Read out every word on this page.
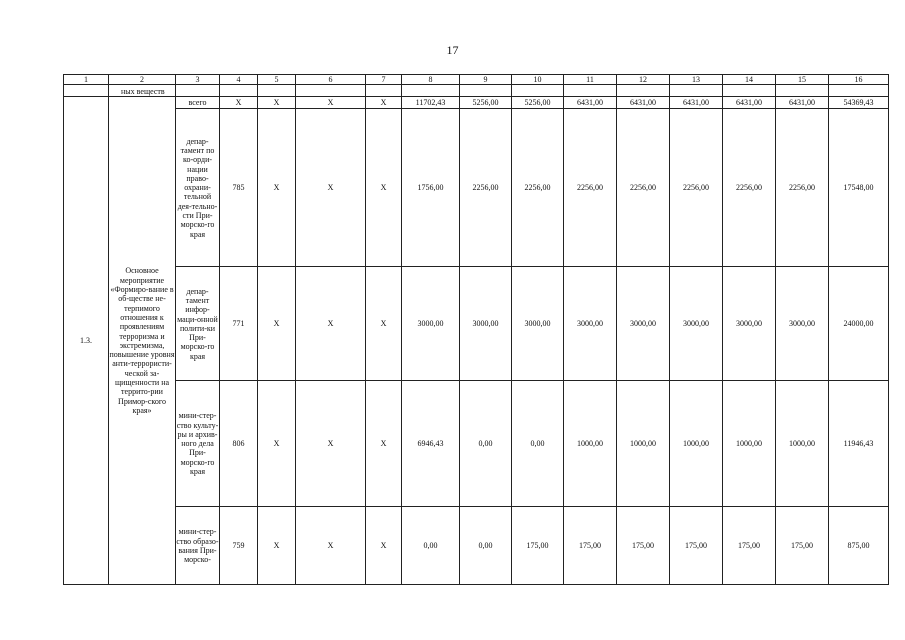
17
1	2	3	4	5	6	7	8	9	10	11	12	13	14	15	16
	ных веществ														
1.3.	Основное мероприятие «Формиро-вание в об-ществе не-терпимого отношения к проявлениям терроризма и экстремизма, повышение уровня анти-террористи-ческой за-щищенности на террито-рии Примор-ского края»	всего	X	X	X	X	11702,43	5256,00	5256,00	6431,00	6431,00	6431,00	6431,00	6431,00	54369,43
		депар-тамент по ко-орди-нации право-охрани-тельной дея-тельно-сти При-морско-го края	785	X	X	X	1756,00	2256,00	2256,00	2256,00	2256,00	2256,00	2256,00	2256,00	17548,00
		депар-тамент инфор-маци-онной полити-ки При-морско-го края	771	X	X	X	3000,00	3000,00	3000,00	3000,00	3000,00	3000,00	3000,00	3000,00	24000,00
		мини-стер-ство культу-ры и архив-ного дела При-морско-го края	806	X	X	X	6946,43	0,00	0,00	1000,00	1000,00	1000,00	1000,00	1000,00	11946,43
		мини-стер-ство образо-вания При-морско-	759	X	X	X	0,00	0,00	175,00	175,00	175,00	175,00	175,00	175,00	875,00
